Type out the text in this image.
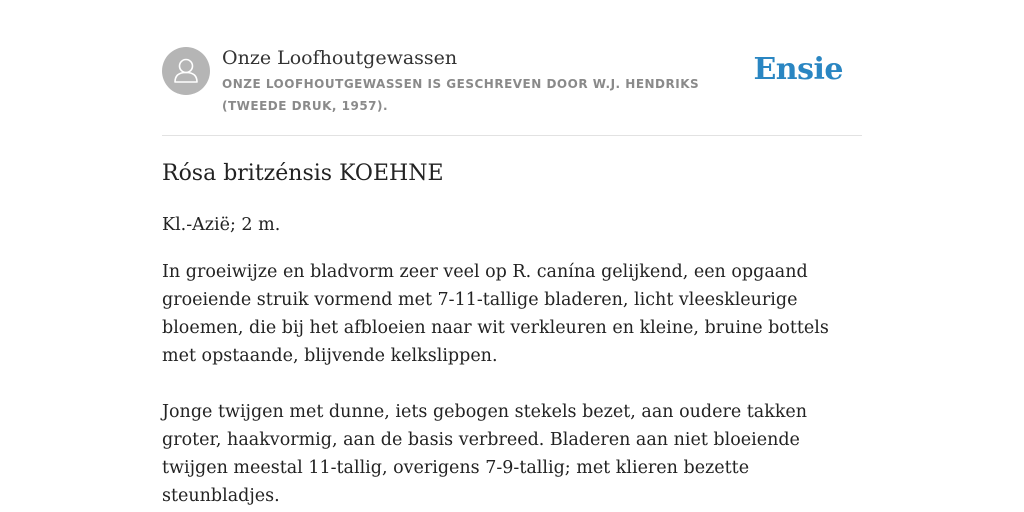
Onze Loofhoutgewassen
ONZE LOOFHOUTGEWASSEN IS GESCHREVEN DOOR W.J. HENDRIKS (TWEEDE DRUK, 1957).
Ensie
Rósa britzénsis KOEHNE

Kl.-Azië; 2 m.

In groeiwijze en bladvorm zeer veel op R. canína gelijkend, een opgaand groeiende struik vormend met 7-11-tallige bladeren, licht vleeskleurige bloemen, die bij het afbloeien naar wit verkleuren en kleine, bruine bottels met opstaande, blijvende kelkslippen.

Jonge twijgen met dunne, iets gebogen stekels bezet, aan oudere takken groter, haakvormig, aan de basis verbreed. Bladeren aan niet bloeiende twijgen meestal 11-tallig, overigens 7-9-tallig; met klieren bezette steunbladjes.
